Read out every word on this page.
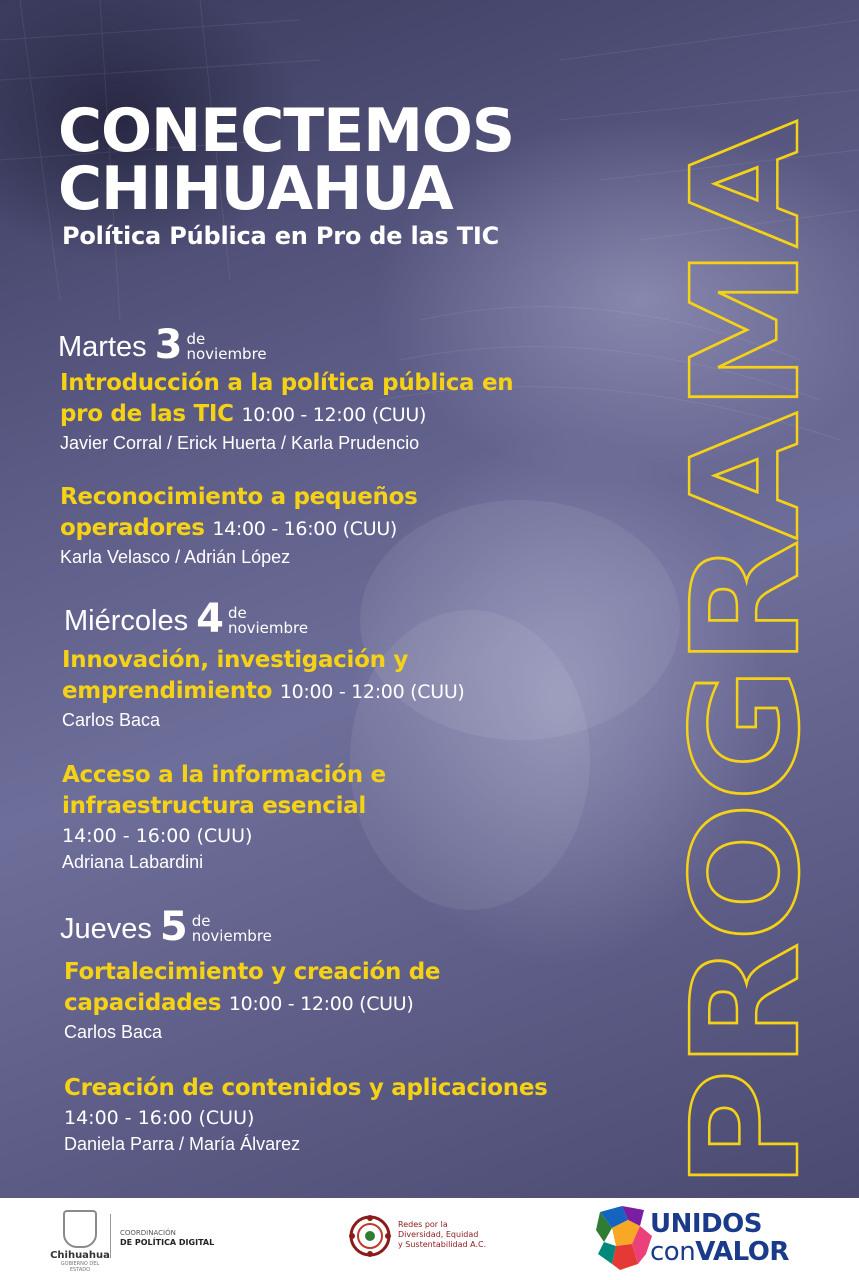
CONECTEMOS
CHIHUAHUA
Política Pública en Pro de las TIC
Martes 3 de
noviembre
Introducción a la política pública en
pro de las TIC 10:00 - 12:00 (CUU)
Javier Corral / Erick Huerta / Karla Prudencio
Reconocimiento a pequeños
operadores 14:00 - 16:00 (CUU)
Karla Velasco / Adrián López
Miércoles 4 de
noviembre
Innovación, investigación y
emprendimiento 10:00 - 12:00 (CUU)
Carlos Baca
Acceso a la información e
infraestructura esencial
14:00 - 16:00 (CUU)
Adriana Labardini
Jueves 5 de
noviembre
Fortalecimiento y creación de
capacidades 10:00 - 12:00 (CUU)
Carlos Baca
Creación de contenidos y aplicaciones
14:00 - 16:00 (CUU)
Daniela Parra / María Álvarez	PROGRAMA
Chihuahua
GOBIERNO DEL ESTADO
COORDINACIÓN
DE POLÍTICA DIGITAL
Redes por la
Diversidad, Equidad
y Sustentabilidad A.C.
UNIDOS
conVALOR
